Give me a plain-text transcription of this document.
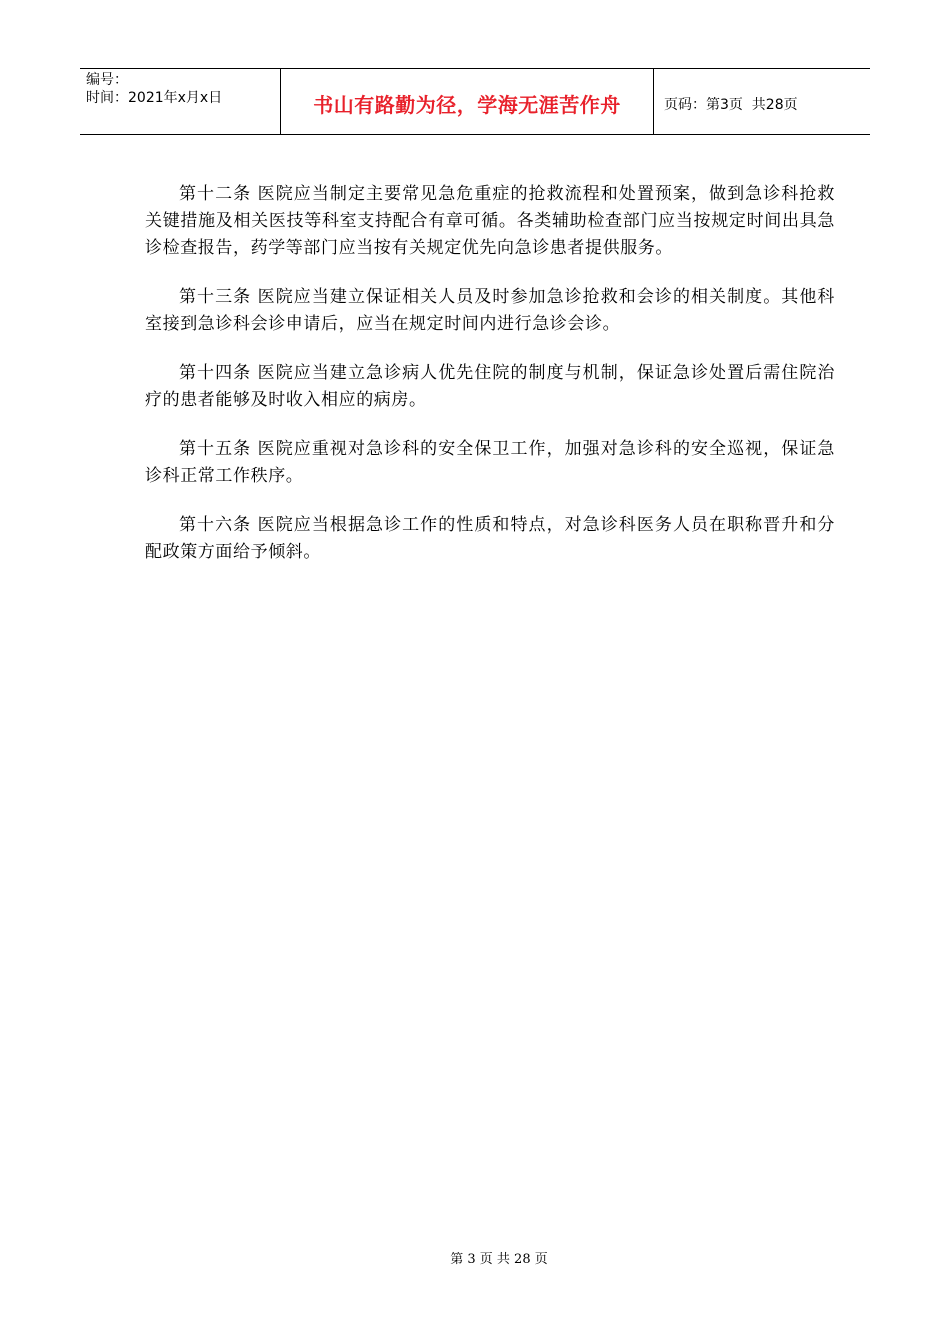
编号：
时间：2021年x月x日	书山有路勤为径，学海无涯苦作舟	页码：第3页  共28页

第十二条 医院应当制定主要常见急危重症的抢救流程和处置预案，做到急诊科抢救关键措施及相关医技等科室支持配合有章可循。各类辅助检查部门应当按规定时间出具急诊检查报告，药学等部门应当按有关规定优先向急诊患者提供服务。

第十三条 医院应当建立保证相关人员及时参加急诊抢救和会诊的相关制度。其他科室接到急诊科会诊申请后，应当在规定时间内进行急诊会诊。

第十四条 医院应当建立急诊病人优先住院的制度与机制，保证急诊处置后需住院治疗的患者能够及时收入相应的病房。

第十五条 医院应重视对急诊科的安全保卫工作，加强对急诊科的安全巡视，保证急诊科正常工作秩序。

第十六条 医院应当根据急诊工作的性质和特点，对急诊科医务人员在职称晋升和分配政策方面给予倾斜。

第 3 页 共 28 页
